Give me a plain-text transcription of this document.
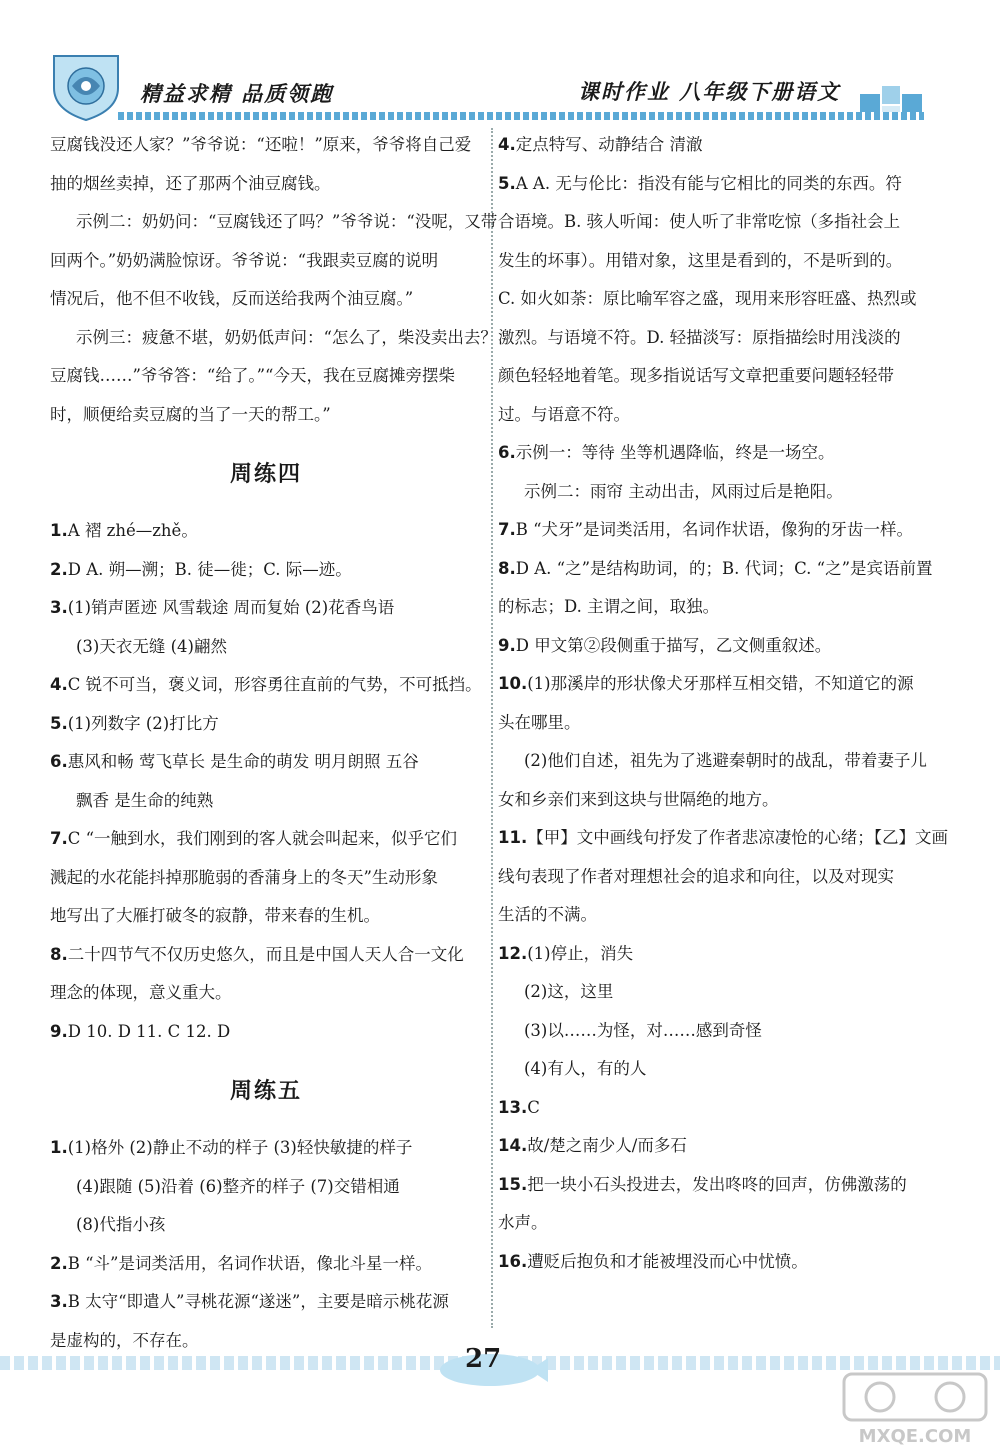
精益求精 品质领跑	课时作业 八年级下册语文
豆腐钱没还人家？”爷爷说：“还啦！”原来，爷爷将自己爱
抽的烟丝卖掉，还了那两个油豆腐钱。
示例二：奶奶问：“豆腐钱还了吗？”爷爷说：“没呢，又带
回两个。”奶奶满脸惊讶。爷爷说：“我跟卖豆腐的说明
情况后，他不但不收钱，反而送给我两个油豆腐。”
示例三：疲惫不堪，奶奶低声问：“怎么了，柴没卖出去？
豆腐钱……”爷爷答：“给了。”“今天，我在豆腐摊旁摆柴
时，顺便给卖豆腐的当了一天的帮工。”
周练四
1.A 褶 zhé—zhě。
2.D A. 朔—溯；B. 徒—徙；C. 际—迹。
3.(1)销声匿迹 风雪载途 周而复始 (2)花香鸟语
(3)天衣无缝 (4)翩然
4.C 锐不可当，褒义词，形容勇往直前的气势，不可抵挡。
5.(1)列数字 (2)打比方
6.惠风和畅 莺飞草长 是生命的萌发 明月朗照 五谷
飘香 是生命的纯熟
7.C “一触到水，我们刚到的客人就会叫起来，似乎它们
溅起的水花能抖掉那脆弱的香蒲身上的冬天”生动形象
地写出了大雁打破冬的寂静，带来春的生机。
8.二十四节气不仅历史悠久，而且是中国人天人合一文化
理念的体现，意义重大。
9.D 10. D 11. C 12. D
周练五
1.(1)格外 (2)静止不动的样子 (3)轻快敏捷的样子
(4)跟随 (5)沿着 (6)整齐的样子 (7)交错相通
(8)代指小孩
2.B “斗”是词类活用，名词作状语，像北斗星一样。
3.B 太守“即遣人”寻桃花源“遂迷”，主要是暗示桃花源
是虚构的，不存在。
4.定点特写、动静结合 清澈
5.A A. 无与伦比：指没有能与它相比的同类的东西。符
合语境。B. 骇人听闻：使人听了非常吃惊（多指社会上
发生的坏事）。用错对象，这里是看到的，不是听到的。
C. 如火如荼：原比喻军容之盛，现用来形容旺盛、热烈或
激烈。与语境不符。D. 轻描淡写：原指描绘时用浅淡的
颜色轻轻地着笔。现多指说话写文章把重要问题轻轻带
过。与语意不符。
6.示例一：等待 坐等机遇降临，终是一场空。
示例二：雨帘 主动出击，风雨过后是艳阳。
7.B “犬牙”是词类活用，名词作状语，像狗的牙齿一样。
8.D A. “之”是结构助词，的；B. 代词；C. “之”是宾语前置
的标志；D. 主谓之间，取独。
9.D 甲文第②段侧重于描写，乙文侧重叙述。
10.(1)那溪岸的形状像犬牙那样互相交错，不知道它的源
头在哪里。
(2)他们自述，祖先为了逃避秦朝时的战乱，带着妻子儿
女和乡亲们来到这块与世隔绝的地方。
11.【甲】文中画线句抒发了作者悲凉凄怆的心绪；【乙】文画
线句表现了作者对理想社会的追求和向往，以及对现实
生活的不满。
12.(1)停止，消失
(2)这，这里
(3)以……为怪，对……感到奇怪
(4)有人，有的人
13.C
14.故/楚之南少人/而多石
15.把一块小石头投进去，发出咚咚的回声，仿佛激荡的
水声。
16.遭贬后抱负和才能被埋没而心中忧愤。
27
MXQE.COM
